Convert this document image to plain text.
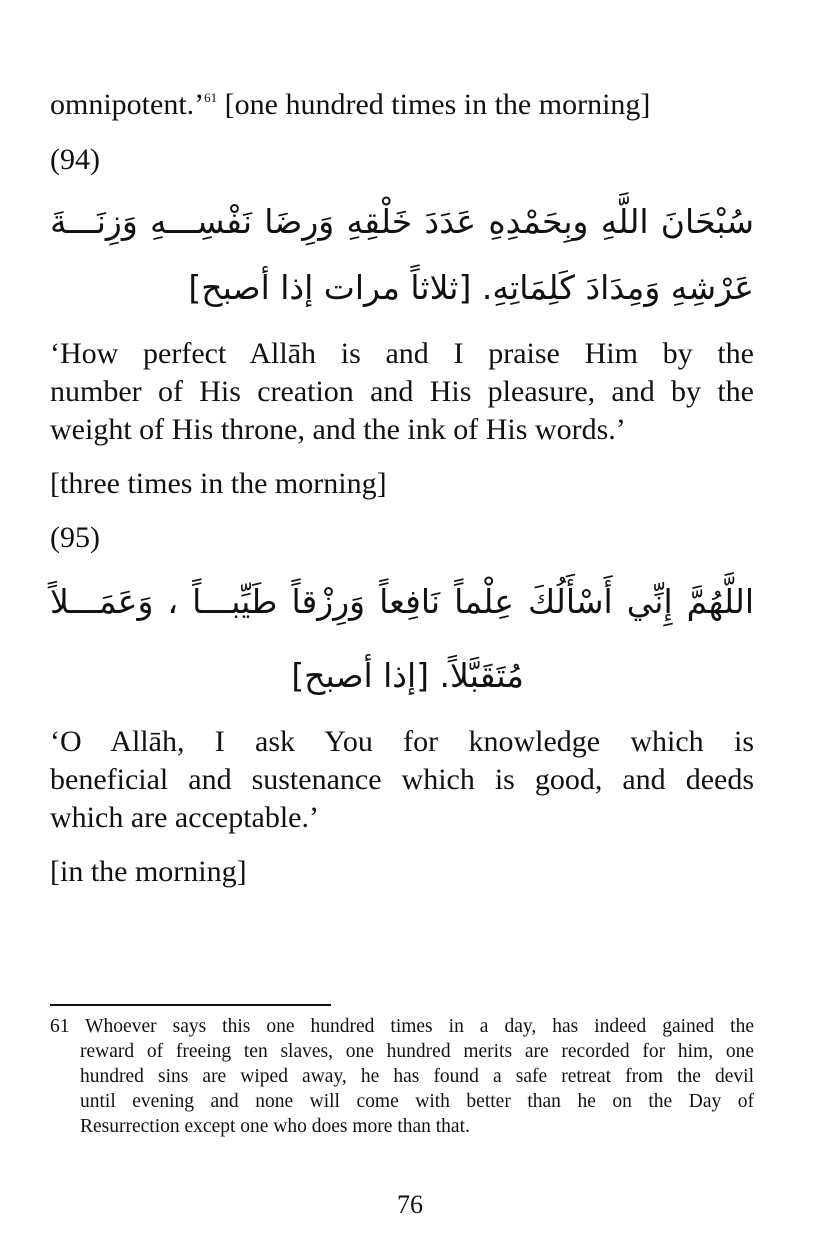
omnipotent.’$^{61}$ [one hundred times in the morning]

(94)

سُبْحَانَ اللَّهِ وبِحَمْدِهِ عَدَدَ خَلْقِهِ وَرِضَا نَفْسِـــهِ وَزِنَـــةَ

عَرْشِهِ وَمِدَادَ كَلِمَاتِهِ. [ثلاثاً مرات إذا أصبح]

‘How perfect Allāh is and I praise Him by the
number of His creation and His pleasure, and by the
weight of His throne, and the ink of His words.’

[three times in the morning]

(95)

اللَّهُمَّ إِنِّي أَسْأَلُكَ عِلْماً نَافِعاً وَرِزْقاً طَيِّبـــاً ، وَعَمَـــلاً

مُتَقَبَّلاً. [إذا أصبح]

‘O Allāh, I ask You for knowledge which is
beneficial and sustenance which is good, and deeds
which are acceptable.’

[in the morning]

61 Whoever says this one hundred times in a day, has indeed gained the
reward of freeing ten slaves, one hundred merits are recorded for him, one
hundred sins are wiped away, he has found a safe retreat from the devil
until evening and none will come with better than he on the Day of
Resurrection except one who does more than that.
76
